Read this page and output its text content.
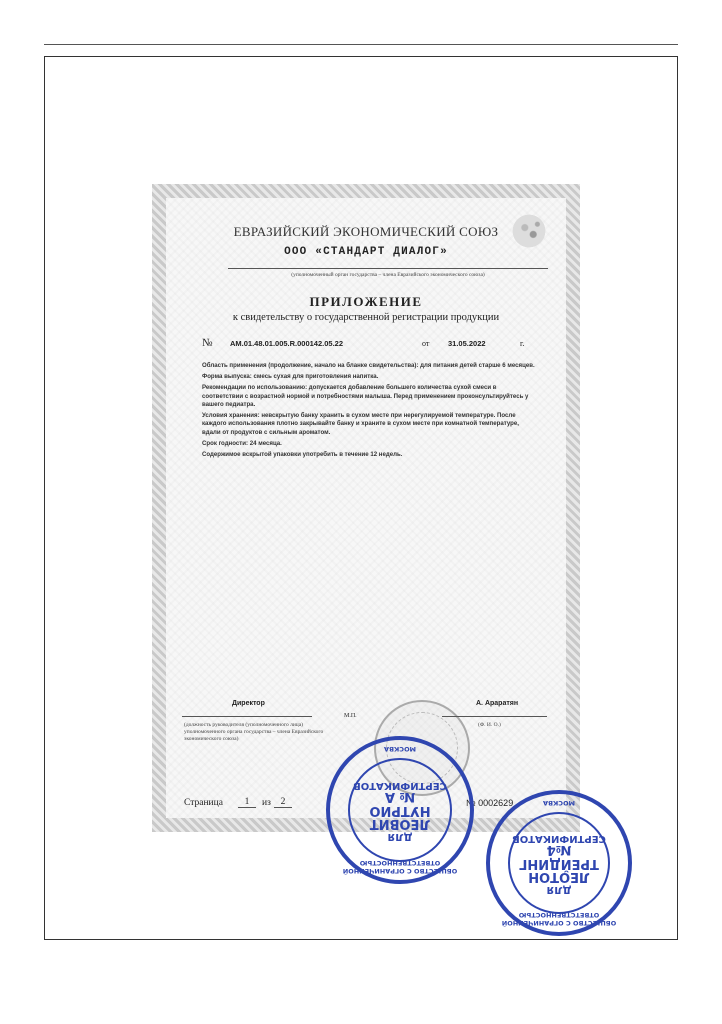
ЕВРАЗИЙСКИЙ ЭКОНОМИЧЕСКИЙ СОЮЗ
ООО «СТАНДАРТ ДИАЛОГ»
(уполномоченный орган государства – члена Евразийского экономического союза)
ПРИЛОЖЕНИЕ
к свидетельству о государственной регистрации продукции
№ AM.01.48.01.005.R.000142.05.22	от 31.05.2022	г.

Область применения (продолжение, начало на бланке свидетельства): для питания детей старше 6 месяцев.

Форма выпуска: смесь сухая для приготовления напитка.

Рекомендации по использованию: допускается добавление большего количества сухой смеси в соответствии с возрастной нормой и потребностями малыша. Перед применением проконсультируйтесь у вашего педиатра.

Условия хранения: невскрытую банку хранить в сухом месте при нерегулируемой температуре. После каждого использования плотно закрывайте банку и храните в сухом месте при комнатной температуре, вдали от продуктов с сильным ароматом.

Срок годности: 24 месяца.

Содержимое вскрытой упаковки употребить в течение 12 недель.

Директор	А. Араратян
М.П.
(должность руководителя (уполномоченного лица) уполномоченного органа государства – члена Евразийского экономического союза)
(Ф. И. О.)
Страница	1	из	2	№ 0002629
ОБЩЕСТВО С ОГРАНИЧЕННОЙ ОТВЕТСТВЕННОСТЬЮ
ДЛЯ
ЛЕОВИТ
НУТРИО
№ А
СЕРТИФИКАТОВ
МОСКВА
ОБЩЕСТВО С ОГРАНИЧЕННОЙ ОТВЕТСТВЕННОСТЬЮ
ДЛЯ
ЛЕОТОН
ТРЕЙДИНГ
№4
СЕРТИФИКАТОВ
МОСКВА
